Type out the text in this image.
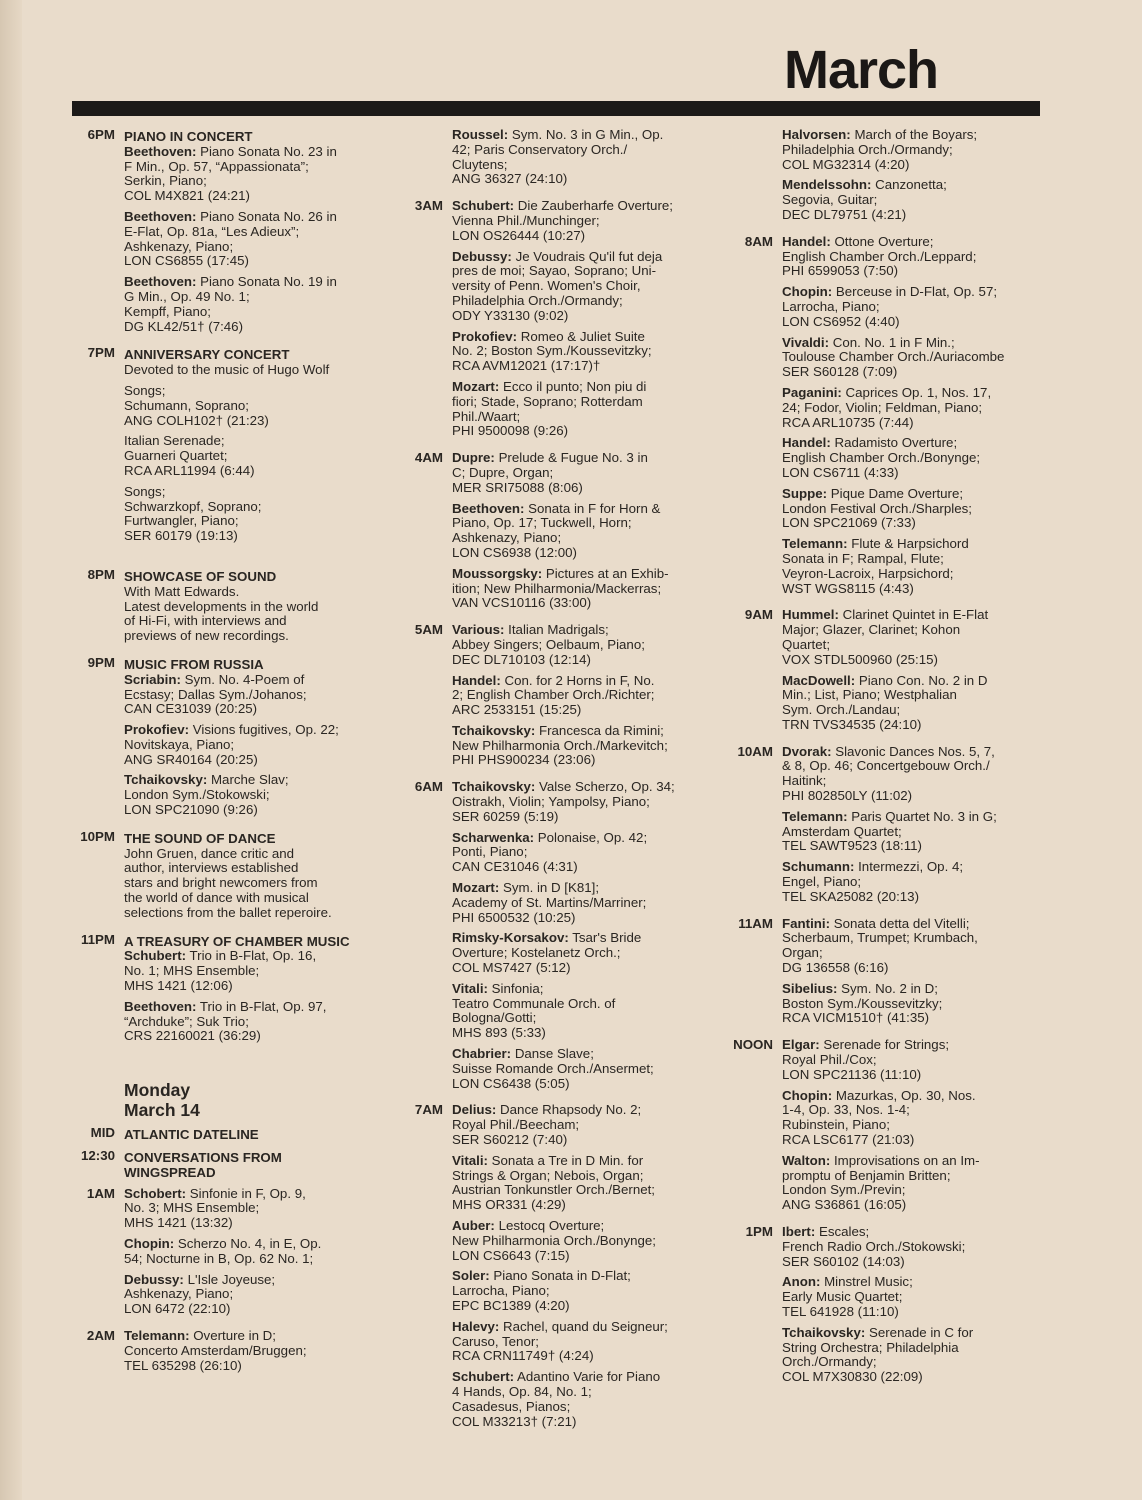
March
6PM PIANO IN CONCERT
Beethoven: Piano Sonata No. 23 in
F Min., Op. 57, “Appassionata”;
Serkin, Piano;
COL M4X821 (24:21)
Beethoven: Piano Sonata No. 26 in
E-Flat, Op. 81a, “Les Adieux”;
Ashkenazy, Piano;
LON CS6855 (17:45)
Beethoven: Piano Sonata No. 19 in
G Min., Op. 49 No. 1;
Kempff, Piano;
DG KL42/51† (7:46)
7PM ANNIVERSARY CONCERT
Devoted to the music of Hugo Wolf
Songs;
Schumann, Soprano;
ANG COLH102† (21:23)
Italian Serenade;
Guarneri Quartet;
RCA ARL11994 (6:44)
Songs;
Schwarzkopf, Soprano;
Furtwangler, Piano;
SER 60179 (19:13)
8PM SHOWCASE OF SOUND
With Matt Edwards.
Latest developments in the world
of Hi-Fi, with interviews and
previews of new recordings.
9PM MUSIC FROM RUSSIA
Scriabin: Sym. No. 4-Poem of
Ecstasy; Dallas Sym./Johanos;
CAN CE31039 (20:25)
Prokofiev: Visions fugitives, Op. 22;
Novitskaya, Piano;
ANG SR40164 (20:25)
Tchaikovsky: Marche Slav;
London Sym./Stokowski;
LON SPC21090 (9:26)
10PM THE SOUND OF DANCE
John Gruen, dance critic and
author, interviews established
stars and bright newcomers from
the world of dance with musical
selections from the ballet reperoire.
11PM A TREASURY OF CHAMBER MUSIC
Schubert: Trio in B-Flat, Op. 16,
No. 1; MHS Ensemble;
MHS 1421 (12:06)
Beethoven: Trio in B-Flat, Op. 97,
“Archduke”; Suk Trio;
CRS 22160021 (36:29)
Monday
March 14
MID ATLANTIC DATELINE
12:30 CONVERSATIONS FROM WINGSPREAD
1AM Schobert: Sinfonie in F, Op. 9,
No. 3; MHS Ensemble;
MHS 1421 (13:32)
Chopin: Scherzo No. 4, in E, Op.
54; Nocturne in B, Op. 62 No. 1;
Debussy: L'Isle Joyeuse;
Ashkenazy, Piano;
LON 6472 (22:10)
2AM Telemann: Overture in D;
Concerto Amsterdam/Bruggen;
TEL 635298 (26:10)
Roussel: Sym. No. 3 in G Min., Op.
42; Paris Conservatory Orch./
Cluytens;
ANG 36327 (24:10)
3AM Schubert: Die Zauberharfe Overture;
Vienna Phil./Munchinger;
LON OS26444 (10:27)
Debussy: Je Voudrais Qu'il fut deja
pres de moi; Sayao, Soprano; Uni-
versity of Penn. Women's Choir,
Philadelphia Orch./Ormandy;
ODY Y33130 (9:02)
Prokofiev: Romeo & Juliet Suite
No. 2; Boston Sym./Koussevitzky;
RCA AVM12021 (17:17)†
Mozart: Ecco il punto; Non piu di
fiori; Stade, Soprano; Rotterdam
Phil./Waart;
PHI 9500098 (9:26)
4AM Dupre: Prelude & Fugue No. 3 in
C; Dupre, Organ;
MER SRI75088 (8:06)
Beethoven: Sonata in F for Horn &
Piano, Op. 17; Tuckwell, Horn;
Ashkenazy, Piano;
LON CS6938 (12:00)
Moussorgsky: Pictures at an Exhib-
ition; New Philharmonia/Mackerras;
VAN VCS10116 (33:00)
5AM Various: Italian Madrigals;
Abbey Singers; Oelbaum, Piano;
DEC DL710103 (12:14)
Handel: Con. for 2 Horns in F, No.
2; English Chamber Orch./Richter;
ARC 2533151 (15:25)
Tchaikovsky: Francesca da Rimini;
New Philharmonia Orch./Markevitch;
PHI PHS900234 (23:06)
6AM Tchaikovsky: Valse Scherzo, Op. 34;
Oistrakh, Violin; Yampolsy, Piano;
SER 60259 (5:19)
Scharwenka: Polonaise, Op. 42;
Ponti, Piano;
CAN CE31046 (4:31)
Mozart: Sym. in D [K81];
Academy of St. Martins/Marriner;
PHI 6500532 (10:25)
Rimsky-Korsakov: Tsar's Bride
Overture; Kostelanetz Orch.;
COL MS7427 (5:12)
Vitali: Sinfonia;
Teatro Communale Orch. of
Bologna/Gotti;
MHS 893 (5:33)
Chabrier: Danse Slave;
Suisse Romande Orch./Ansermet;
LON CS6438 (5:05)
7AM Delius: Dance Rhapsody No. 2;
Royal Phil./Beecham;
SER S60212 (7:40)
Vitali: Sonata a Tre in D Min. for
Strings & Organ; Nebois, Organ;
Austrian Tonkunstler Orch./Bernet;
MHS OR331 (4:29)
Auber: Lestocq Overture;
New Philharmonia Orch./Bonynge;
LON CS6643 (7:15)
Soler: Piano Sonata in D-Flat;
Larrocha, Piano;
EPC BC1389 (4:20)
Halevy: Rachel, quand du Seigneur;
Caruso, Tenor;
RCA CRN11749† (4:24)
Schubert: Adantino Varie for Piano
4 Hands, Op. 84, No. 1;
Casadesus, Pianos;
COL M33213† (7:21)
Halvorsen: March of the Boyars;
Philadelphia Orch./Ormandy;
COL MG32314 (4:20)
Mendelssohn: Canzonetta;
Segovia, Guitar;
DEC DL79751 (4:21)
8AM Handel: Ottone Overture;
English Chamber Orch./Leppard;
PHI 6599053 (7:50)
Chopin: Berceuse in D-Flat, Op. 57;
Larrocha, Piano;
LON CS6952 (4:40)
Vivaldi: Con. No. 1 in F Min.;
Toulouse Chamber Orch./Auriacombe
SER S60128 (7:09)
Paganini: Caprices Op. 1, Nos. 17,
24; Fodor, Violin; Feldman, Piano;
RCA ARL10735 (7:44)
Handel: Radamisto Overture;
English Chamber Orch./Bonynge;
LON CS6711 (4:33)
Suppe: Pique Dame Overture;
London Festival Orch./Sharples;
LON SPC21069 (7:33)
Telemann: Flute & Harpsichord
Sonata in F; Rampal, Flute;
Veyron-Lacroix, Harpsichord;
WST WGS8115 (4:43)
9AM Hummel: Clarinet Quintet in E-Flat
Major; Glazer, Clarinet; Kohon
Quartet;
VOX STDL500960 (25:15)
MacDowell: Piano Con. No. 2 in D
Min.; List, Piano; Westphalian
Sym. Orch./Landau;
TRN TVS34535 (24:10)
10AM Dvorak: Slavonic Dances Nos. 5, 7,
& 8, Op. 46; Concertgebouw Orch./
Haitink;
PHI 802850LY (11:02)
Telemann: Paris Quartet No. 3 in G;
Amsterdam Quartet;
TEL SAWT9523 (18:11)
Schumann: Intermezzi, Op. 4;
Engel, Piano;
TEL SKA25082 (20:13)
11AM Fantini: Sonata detta del Vitelli;
Scherbaum, Trumpet; Krumbach,
Organ;
DG 136558 (6:16)
Sibelius: Sym. No. 2 in D;
Boston Sym./Koussevitzky;
RCA VICM1510† (41:35)
NOON Elgar: Serenade for Strings;
Royal Phil./Cox;
LON SPC21136 (11:10)
Chopin: Mazurkas, Op. 30, Nos.
1-4, Op. 33, Nos. 1-4;
Rubinstein, Piano;
RCA LSC6177 (21:03)
Walton: Improvisations on an Im-
promptu of Benjamin Britten;
London Sym./Previn;
ANG S36861 (16:05)
1PM Ibert: Escales;
French Radio Orch./Stokowski;
SER S60102 (14:03)
Anon: Minstrel Music;
Early Music Quartet;
TEL 641928 (11:10)
Tchaikovsky: Serenade in C for
String Orchestra; Philadelphia
Orch./Ormandy;
COL M7X30830 (22:09)
